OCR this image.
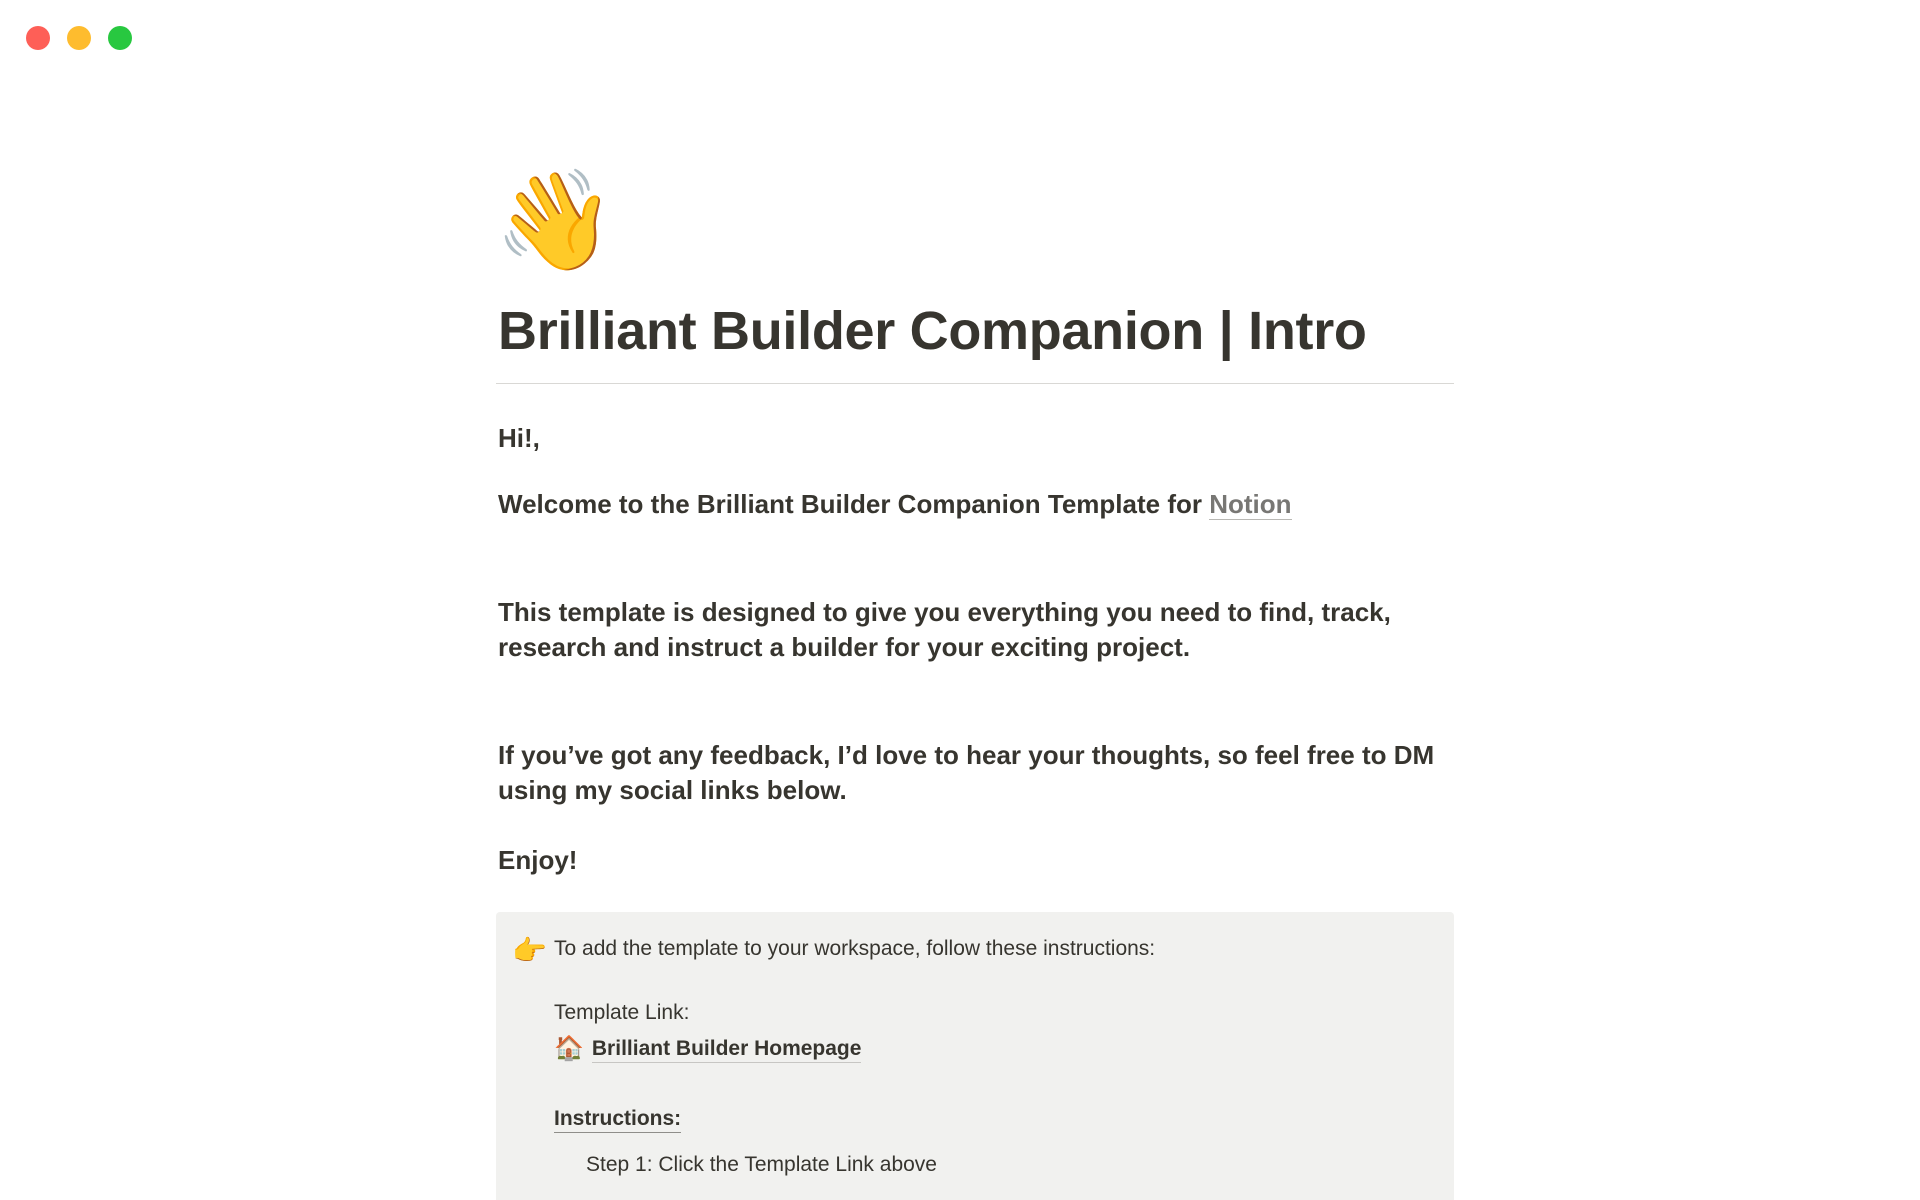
👋
Brilliant Builder Companion | Intro

Hi!,

Welcome to the Brilliant Builder Companion Template for Notion

This template is designed to give you everything you need to find, track, research and instruct a builder for your exciting project.

If you’ve got any feedback, I’d love to hear your thoughts, so feel free to DM using my social links below.

Enjoy!

👉 To add the template to your workspace, follow these instructions:

Template Link:

🏠 Brilliant Builder Homepage
Instructions:

Step 1: Click the Template Link above
